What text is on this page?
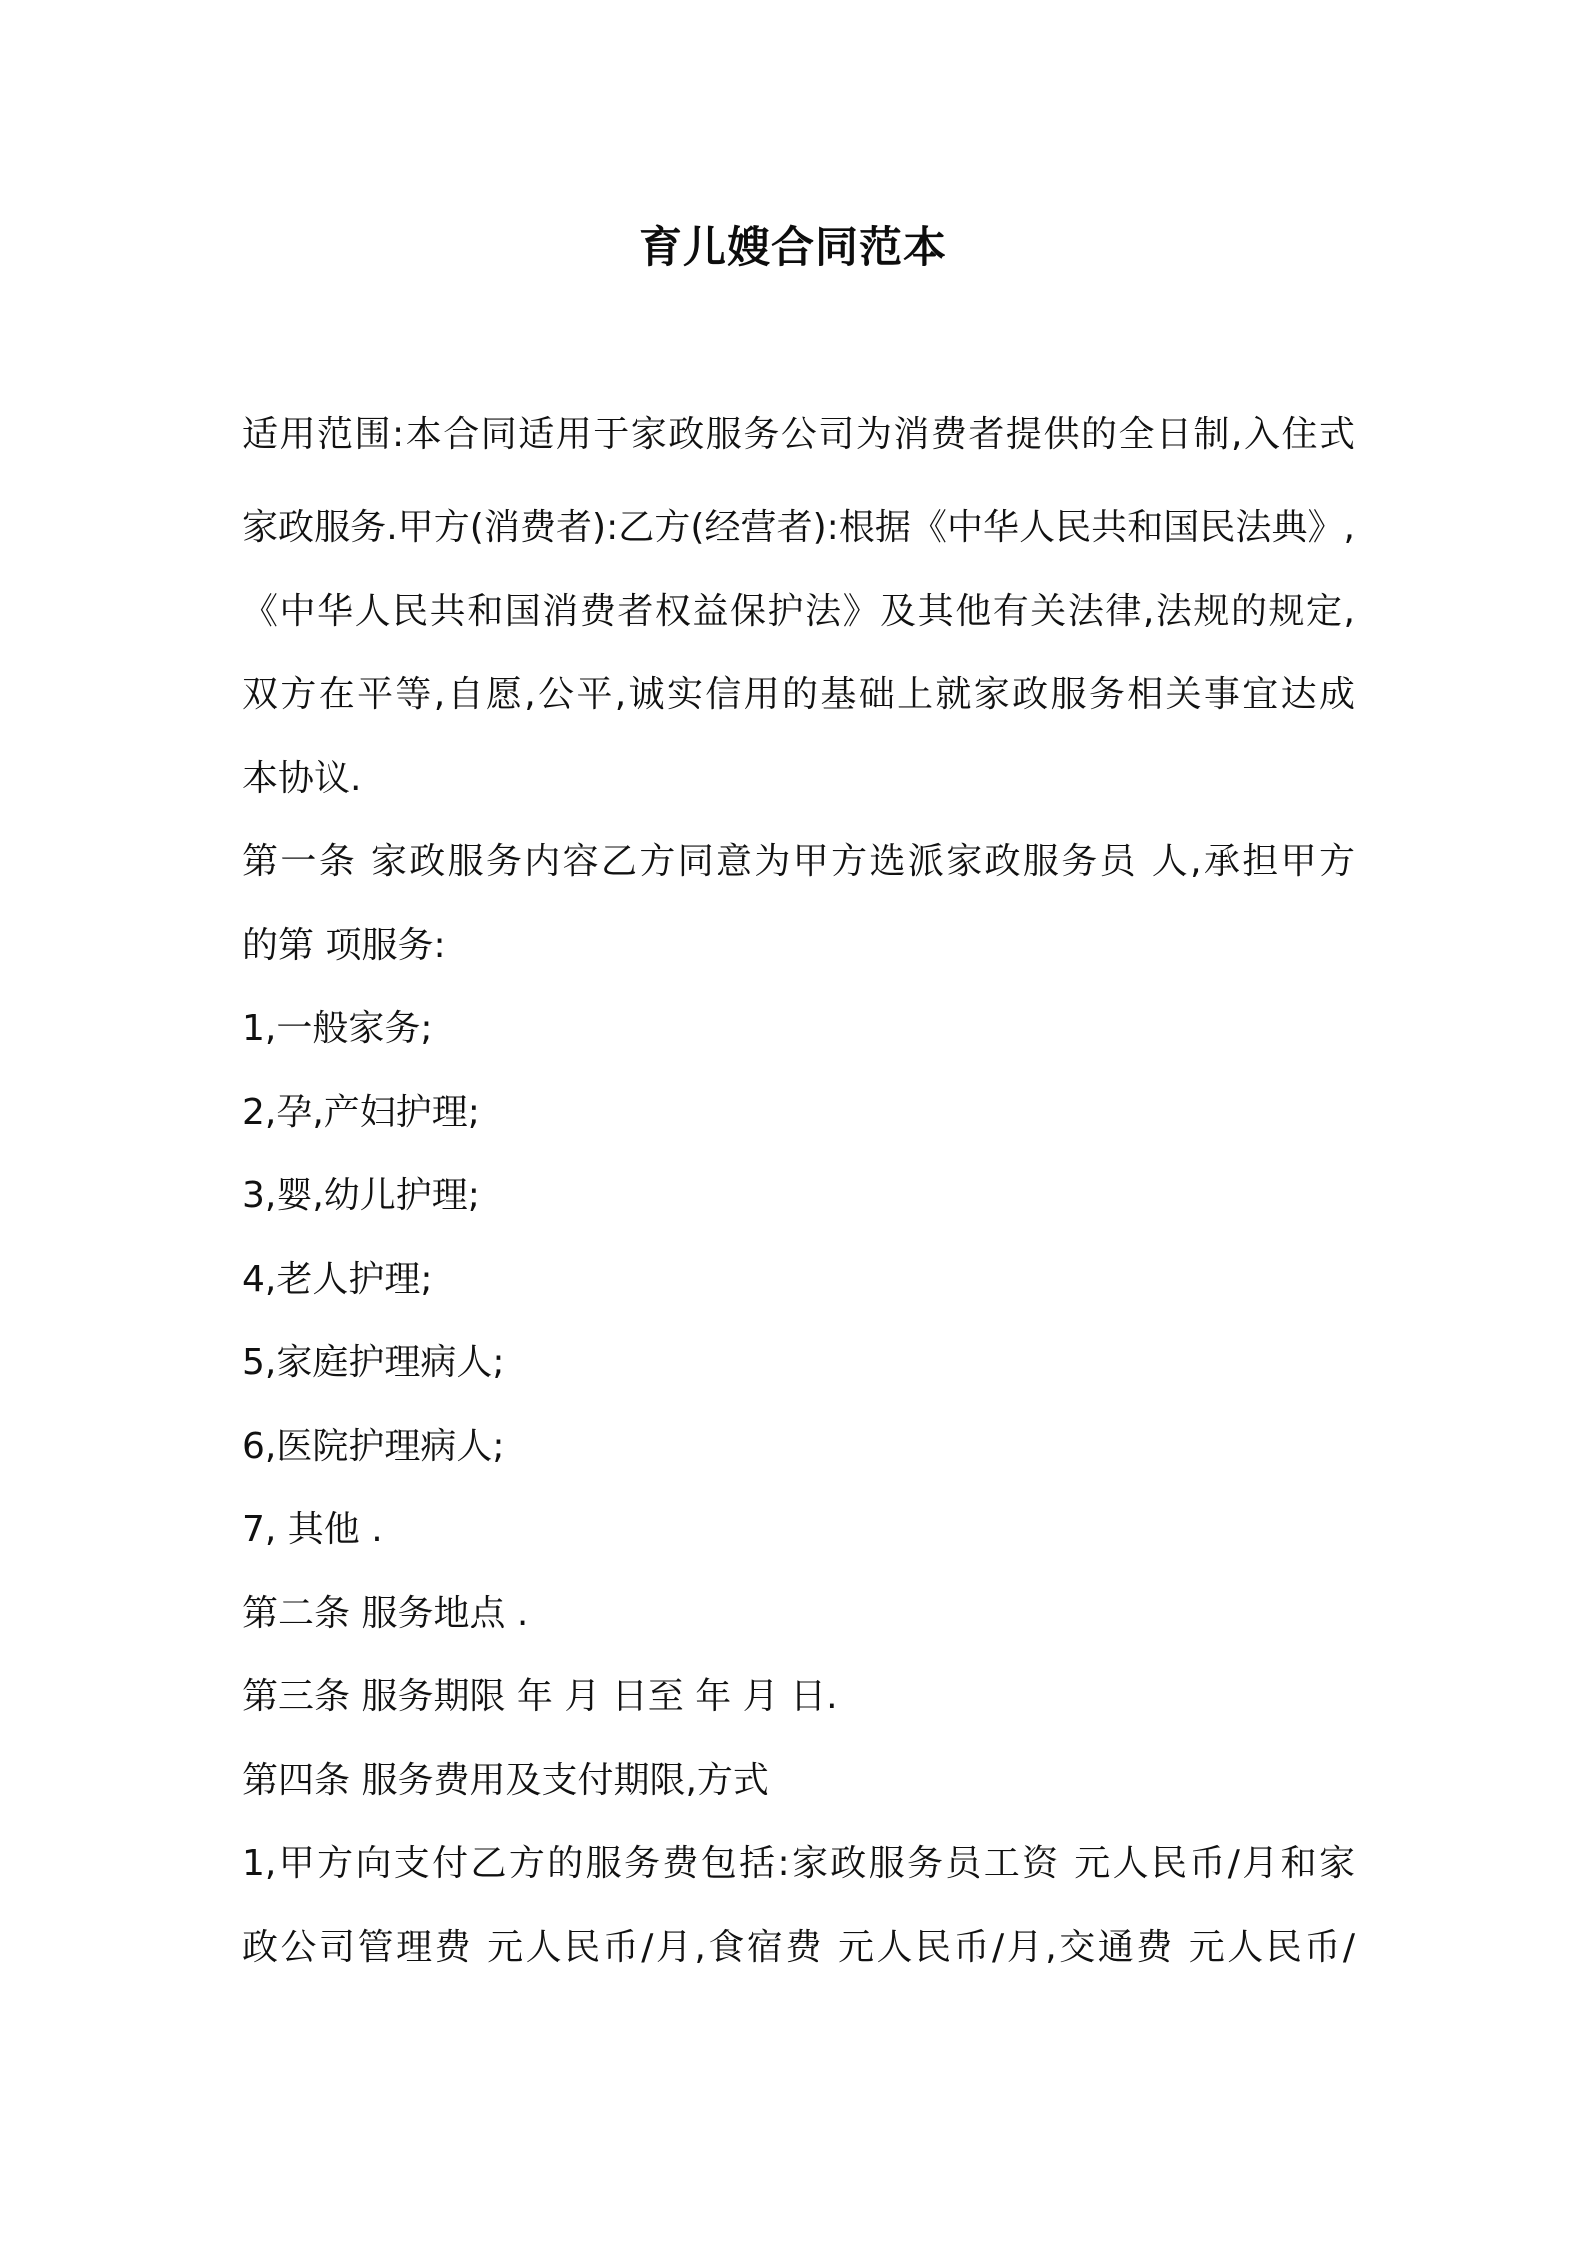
育儿嫂合同范本
适用范围:本合同适用于家政服务公司为消费者提供的全日制,入住式
家政服务.甲方(消费者):乙方(经营者):根据《中华人民共和国民法典》,
《中华人民共和国消费者权益保护法》及其他有关法律,法规的规定,
双方在平等,自愿,公平,诚实信用的基础上就家政服务相关事宜达成
本协议.
第一条 家政服务内容乙方同意为甲方选派家政服务员 人,承担甲方
的第 项服务:
1,一般家务;
2,孕,产妇护理;
3,婴,幼儿护理;
4,老人护理;
5,家庭护理病人;
6,医院护理病人;
7, 其他 .
第二条 服务地点 .
第三条 服务期限 年 月 日至 年 月 日.
第四条 服务费用及支付期限,方式
1,甲方向支付乙方的服务费包括:家政服务员工资 元人民币/月和家
政公司管理费 元人民币/月,食宿费 元人民币/月,交通费 元人民币/
